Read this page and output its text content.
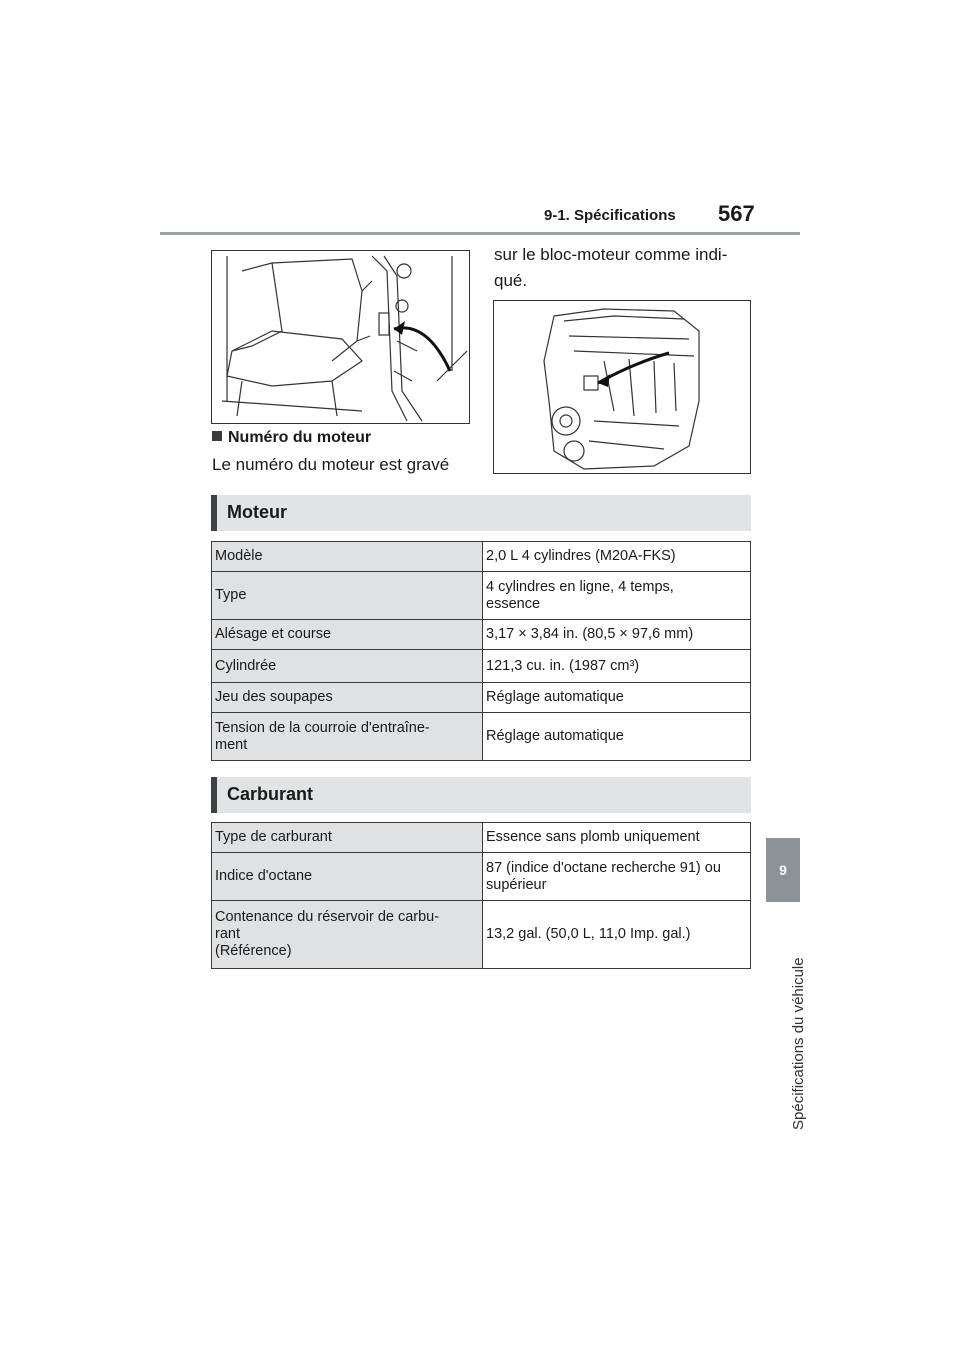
9-1. Spécifications 567
9
Spécifications du véhicule
sur le bloc-moteur comme indi-
qué.
Numéro du moteur
Le numéro du moteur est gravé
Moteur
Modèle	2,0 L 4 cylindres (M20A-FKS)
Type	4 cylindres en ligne, 4 temps,
essence
Alésage et course	3,17 × 3,84 in. (80,5 × 97,6 mm)
Cylindrée	121,3 cu. in. (1987 cm³)
Jeu des soupapes	Réglage automatique
Tension de la courroie d'entraîne-
ment	Réglage automatique
Carburant
Type de carburant	Essence sans plomb uniquement
Indice d'octane	87 (indice d'octane recherche 91) ou
supérieur
Contenance du réservoir de carbu-
rant
(Référence)	13,2 gal. (50,0 L, 11,0 Imp. gal.)
